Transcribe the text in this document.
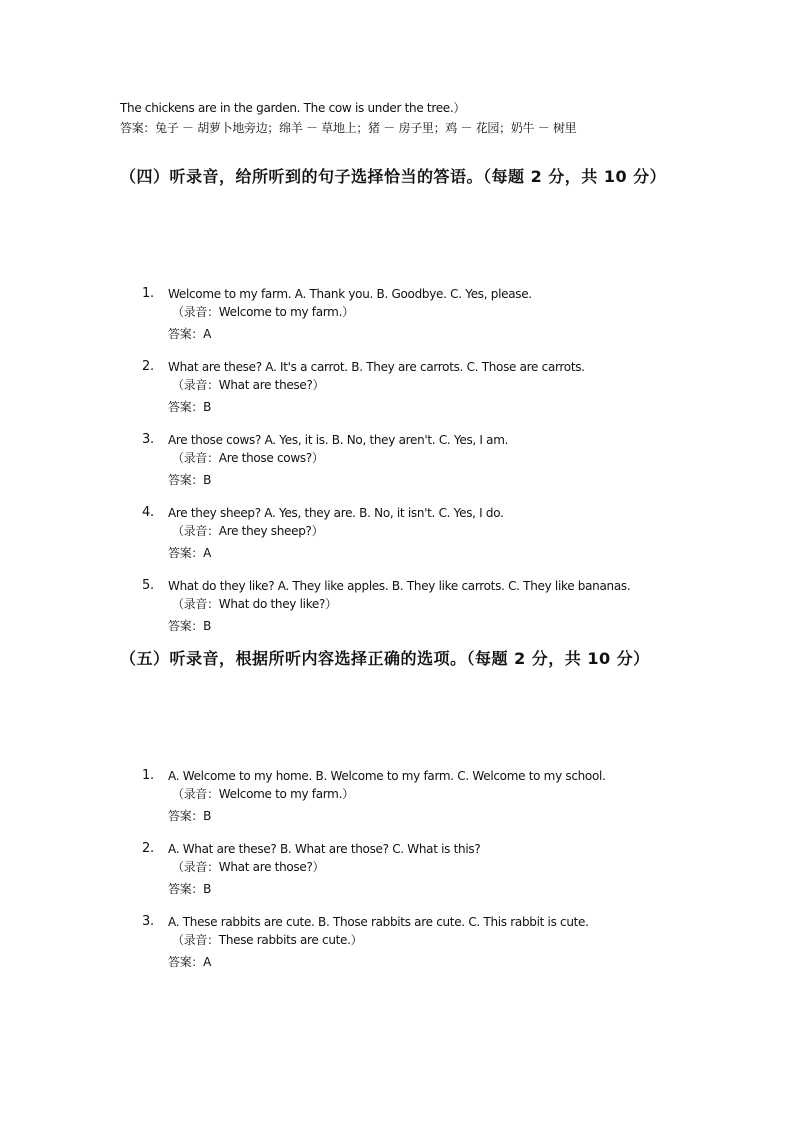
The chickens are in the garden. The cow is under the tree.）
答案：兔子 － 胡萝卜地旁边；绵羊 － 草地上；猪 － 房子里；鸡 － 花园；奶牛 － 树里
（四）听录音，给所听到的句子选择恰当的答语。（每题 2 分，共 10 分）
1. Welcome to my farm. A. Thank you. B. Goodbye. C. Yes, please.
（录音：Welcome to my farm.）
答案：A
2. What are these? A. It's a carrot. B. They are carrots. C. Those are carrots.
（录音：What are these?）
答案：B
3. Are those cows? A. Yes, it is. B. No, they aren't. C. Yes, I am.
（录音：Are those cows?）
答案：B
4. Are they sheep? A. Yes, they are. B. No, it isn't. C. Yes, I do.
（录音：Are they sheep?）
答案：A
5. What do they like? A. They like apples. B. They like carrots. C. They like bananas.
（录音：What do they like?）
答案：B
（五）听录音，根据所听内容选择正确的选项。（每题 2 分，共 10 分）
1. A. Welcome to my home. B. Welcome to my farm. C. Welcome to my school.
（录音：Welcome to my farm.）
答案：B
2. A. What are these? B. What are those? C. What is this?
（录音：What are those?）
答案：B
3. A. These rabbits are cute. B. Those rabbits are cute. C. This rabbit is cute.
（录音：These rabbits are cute.）
答案：A
